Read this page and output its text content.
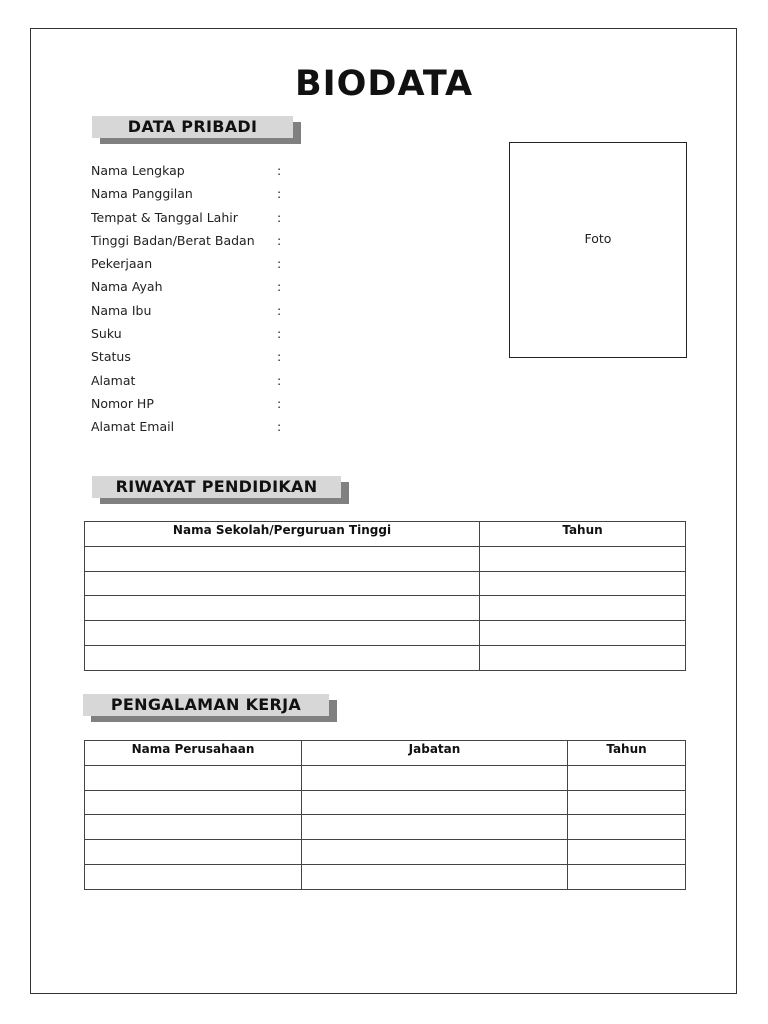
BIODATA
DATA PRIBADI
Nama Lengkap	:
Nama Panggilan	:
Tempat & Tanggal Lahir	:
Tinggi Badan/Berat Badan :
Pekerjaan	:
Nama Ayah	:
Nama Ibu	:
Suku	:
Status	:
Alamat	:
Nomor HP	:
Alamat Email	:
Foto
RIWAYAT PENDIDIKAN
Nama Sekolah/Perguruan Tinggi	Tahun

PENGALAMAN KERJA
Nama Perusahaan	Jabatan	Tahun
